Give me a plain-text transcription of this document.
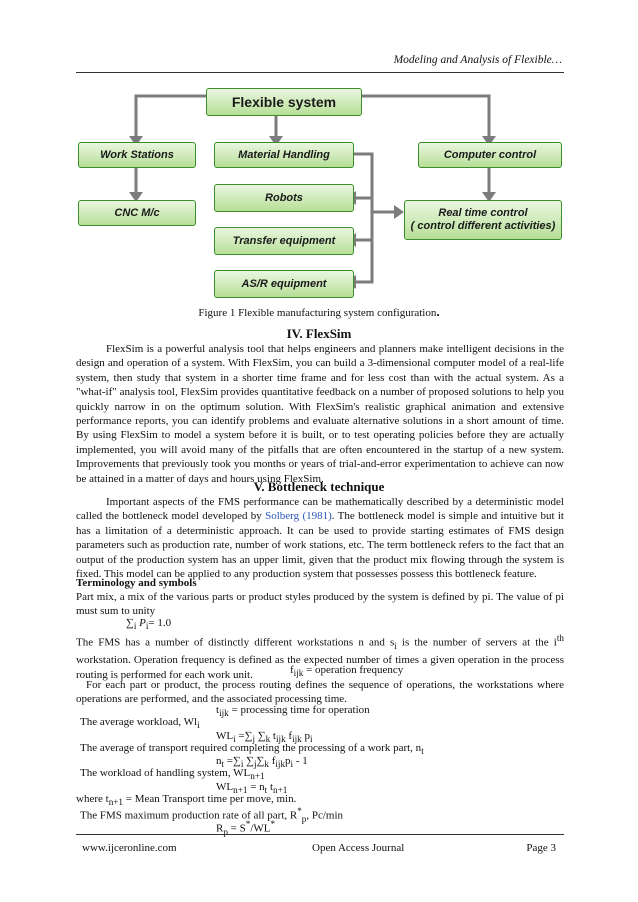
Modeling and Analysis of Flexible…
Flexible system
Work Stations	Material Handling	Computer control
CNC M/c
Robots
Transfer equipment
AS/R equipment
Real time control
( control different activities)
Figure 1 Flexible manufacturing system configuration.
IV. FlexSim
FlexSim is a powerful analysis tool that helps engineers and planners make intelligent decisions in the design and operation of a system. With FlexSim, you can build a 3-dimensional computer model of a real-life system, then study that system in a shorter time frame and for less cost than with the actual system. As a "what-if" analysis tool, FlexSim provides quantitative feedback on a number of proposed solutions to help you quickly narrow in on the optimum solution. With FlexSim's realistic graphical animation and extensive performance reports, you can identify problems and evaluate alternative solutions in a short amount of time. By using FlexSim to model a system before it is built, or to test operating policies before they are actually implemented, you will avoid many of the pitfalls that are often encountered in the startup of a new system. Improvements that previously took you months or years of trial-and-error experimentation to achieve can now be attained in a matter of days and hours using FlexSim.
V. Bottleneck technique
Important aspects of the FMS performance can be mathematically described by a deterministic model called the bottleneck model developed by Solberg (1981). The bottleneck model is simple and intuitive but it has a limitation of a deterministic approach. It can be used to provide starting estimates of FMS design parameters such as production rate, number of work stations, etc. The term bottleneck refers to the fact that an output of the production system has an upper limit, given that the product mix flowing through the system is fixed. This model can be applied to any production system that possesses possess this bottleneck feature.
Terminology and symbols
Part mix, a mix of the various parts or product styles produced by the system is defined by pi. The value of pi must sum to unity
$\sum_i$ $P_i= 1.0$
The FMS has a number of distinctly different workstations n and $s_i$ is the number of servers at the $i^{th}$ workstation. Operation frequency is defined as the expected number of times a given operation in the process routing is performed for each work unit.	$f_{ijk}$ = operation frequency
For each part or product, the process routing defines the sequence of operations, the workstations where operations are performed, and the associated processing time.
$t_{ijk}$ = processing time for operation
The average workload, $Wl_i$
$WL_i =\sum_j$ $\sum_k$ $t_{ijk}$ $f_{ijk}$ $p_i$
The average of transport required completing the processing of a work part, $n_t$
$n_t =\sum_i$ $\sum_j\sum_k$ $f_{ijk}p_i - 1$
The workload of handling system, $WL_{n+1}$
$WL_{n+1} = n_t$ $t_{n+1}$
where $t_{n+1}$ = Mean Transport time per move, min.
The FMS maximum production rate of all part, $R^*_p$, Pc/min
$R_p = S^*/WL^*$
www.ijceronline.com	Open Access Journal	Page 3
